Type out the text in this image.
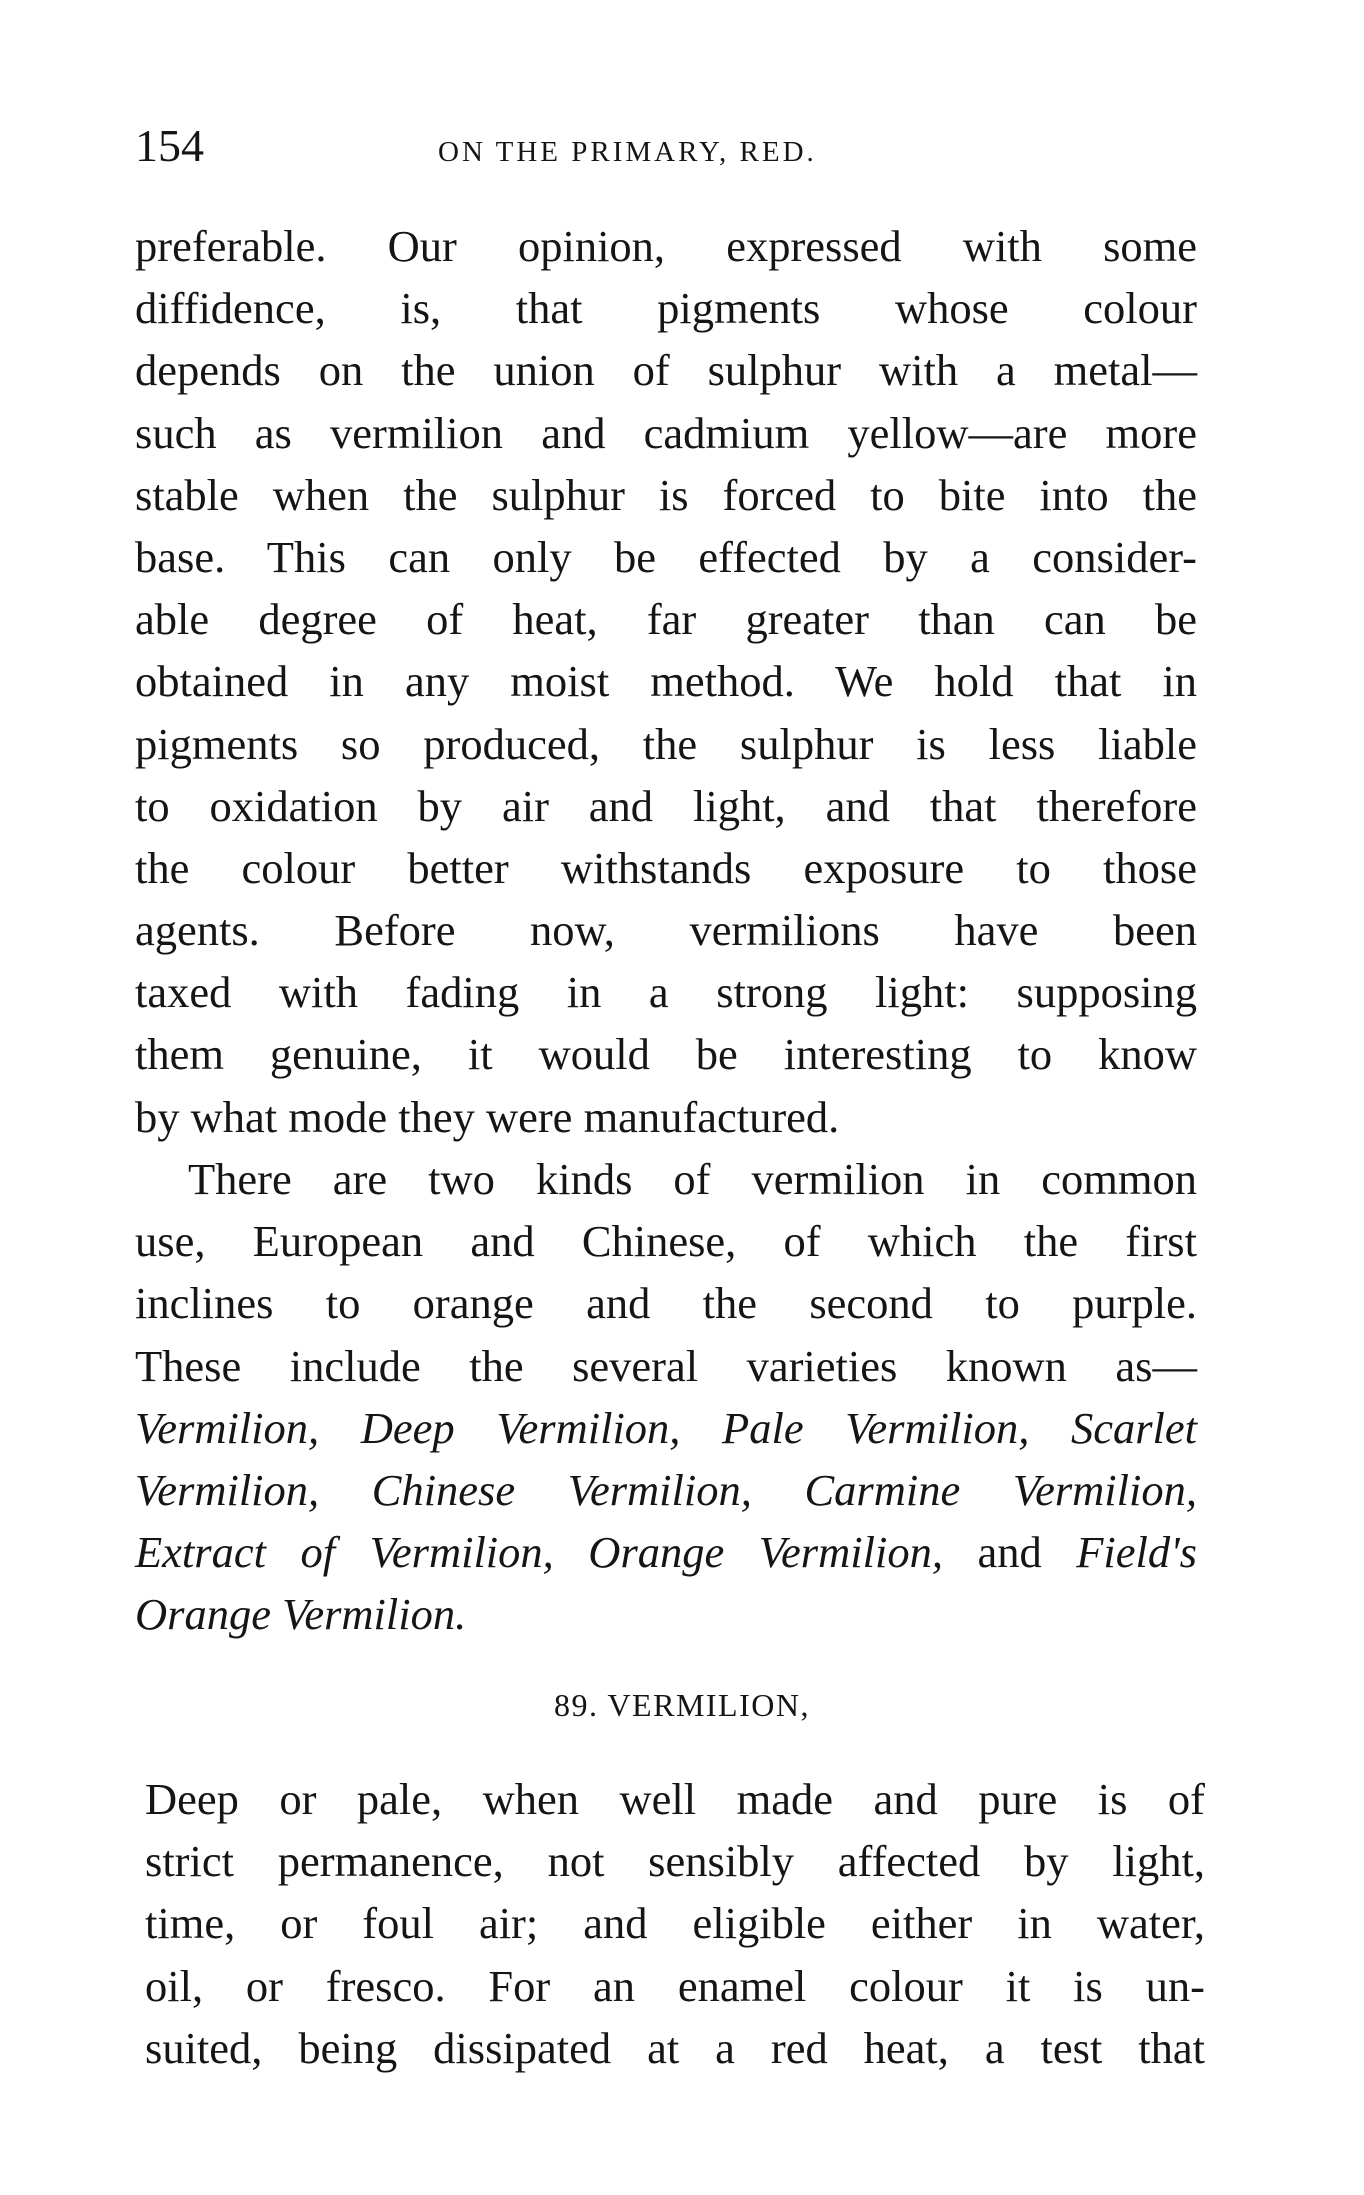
154	ON THE PRIMARY, RED.
preferable. Our opinion, expressed with some
diffidence, is, that pigments whose colour
depends on the union of sulphur with a metal—
such as vermilion and cadmium yellow—are more
stable when the sulphur is forced to bite into the
base. This can only be effected by a consider-
able degree of heat, far greater than can be
obtained in any moist method. We hold that in
pigments so produced, the sulphur is less liable
to oxidation by air and light, and that therefore
the colour better withstands exposure to those
agents. Before now, vermilions have been
taxed with fading in a strong light: supposing
them genuine, it would be interesting to know
by what mode they were manufactured.
There are two kinds of vermilion in common
use, European and Chinese, of which the first
inclines to orange and the second to purple.
These include the several varieties known as—
Vermilion, Deep Vermilion, Pale Vermilion, Scarlet
Vermilion, Chinese Vermilion, Carmine Vermilion,
Extract of Vermilion, Orange Vermilion, and Field's
Orange Vermilion.
89. VERMILION,
Deep or pale, when well made and pure is of
strict permanence, not sensibly affected by light,
time, or foul air; and eligible either in water,
oil, or fresco. For an enamel colour it is un-
suited, being dissipated at a red heat, a test that
